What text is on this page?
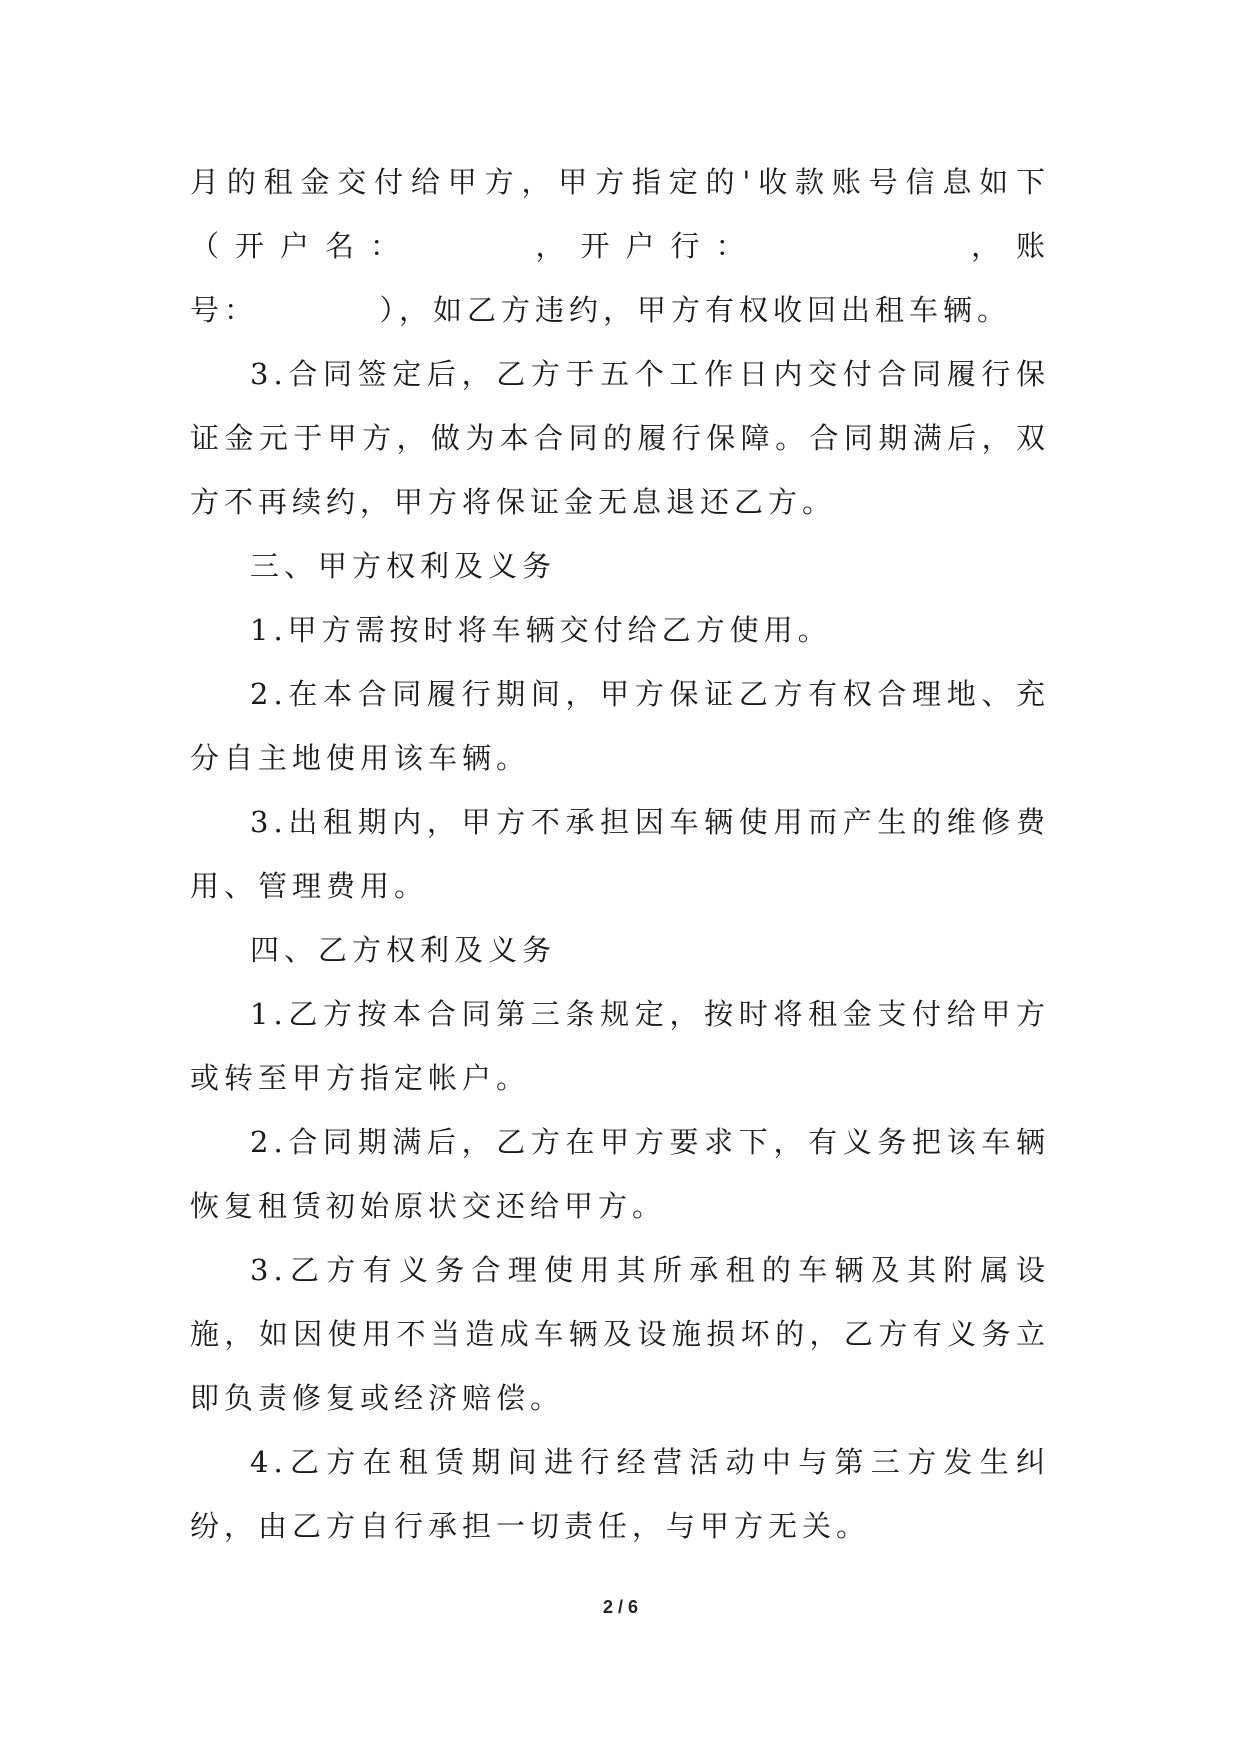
月的租金交付给甲方，甲方指定的'收款账号信息如下（开户名：　　　，开户行：　　　　　，账号：　　　　），如乙方违约，甲方有权收回出租车辆。

3.合同签定后，乙方于五个工作日内交付合同履行保证金元于甲方，做为本合同的履行保障。合同期满后，双方不再续约，甲方将保证金无息退还乙方。

三、甲方权利及义务

1.甲方需按时将车辆交付给乙方使用。

2.在本合同履行期间，甲方保证乙方有权合理地、充分自主地使用该车辆。

3.出租期内，甲方不承担因车辆使用而产生的维修费用、管理费用。

四、乙方权利及义务

1.乙方按本合同第三条规定，按时将租金支付给甲方或转至甲方指定帐户。

2.合同期满后，乙方在甲方要求下，有义务把该车辆恢复租赁初始原状交还给甲方。

3.乙方有义务合理使用其所承租的车辆及其附属设施，如因使用不当造成车辆及设施损坏的，乙方有义务立即负责修复或经济赔偿。

4.乙方在租赁期间进行经营活动中与第三方发生纠纷，由乙方自行承担一切责任，与甲方无关。

2 / 6
